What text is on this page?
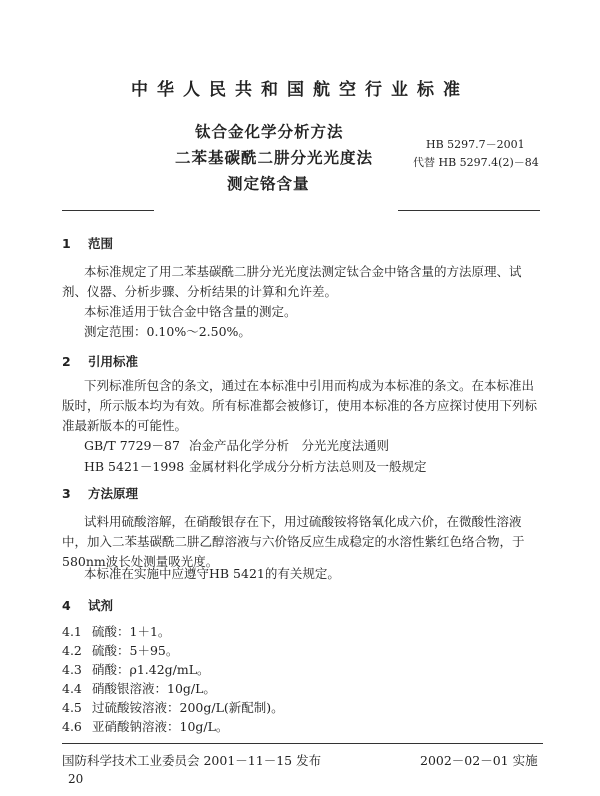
中华人民共和国航空行业标准
钛合金化学分析方法
二苯基碳酰二肼分光光度法
测定铬含量
HB 5297.7－2001
代替 HB 5297.4(2)－84
1 范围
本标准规定了用二苯基碳酰二肼分光光度法测定钛合金中铬含量的方法原理、试剂、仪器、分析步骤、分析结果的计算和允许差。
本标准适用于钛合金中铬含量的测定。
测定范围：0.10%～2.50%。
2 引用标准
下列标准所包含的条文，通过在本标准中引用而构成为本标准的条文。在本标准出版时，所示版本均为有效。所有标准都会被修订，使用本标准的各方应探讨使用下列标准最新版本的可能性。
GB/T 7729－87 冶金产品化学分析　分光光度法通则
HB 5421－1998 金属材料化学成分分析方法总则及一般规定
3 方法原理
试料用硫酸溶解，在硝酸银存在下，用过硫酸铵将铬氧化成六价，在微酸性溶液中，加入二苯基碳酰二肼乙醇溶液与六价铬反应生成稳定的水溶性紫红色络合物，于580nm波长处测量吸光度。
本标准在实施中应遵守HB 5421的有关规定。
4 试剂
4.1 硫酸：1＋1。
4.2 硫酸：5＋95。
4.3 硝酸：ρ1.42g/mL。
4.4 硝酸银溶液：10g/L。
4.5 过硫酸铵溶液：200g/L(新配制)。
4.6 亚硝酸钠溶液：10g/L。
国防科学技术工业委员会 2001－11－15 发布	2002－02－01 实施
20
